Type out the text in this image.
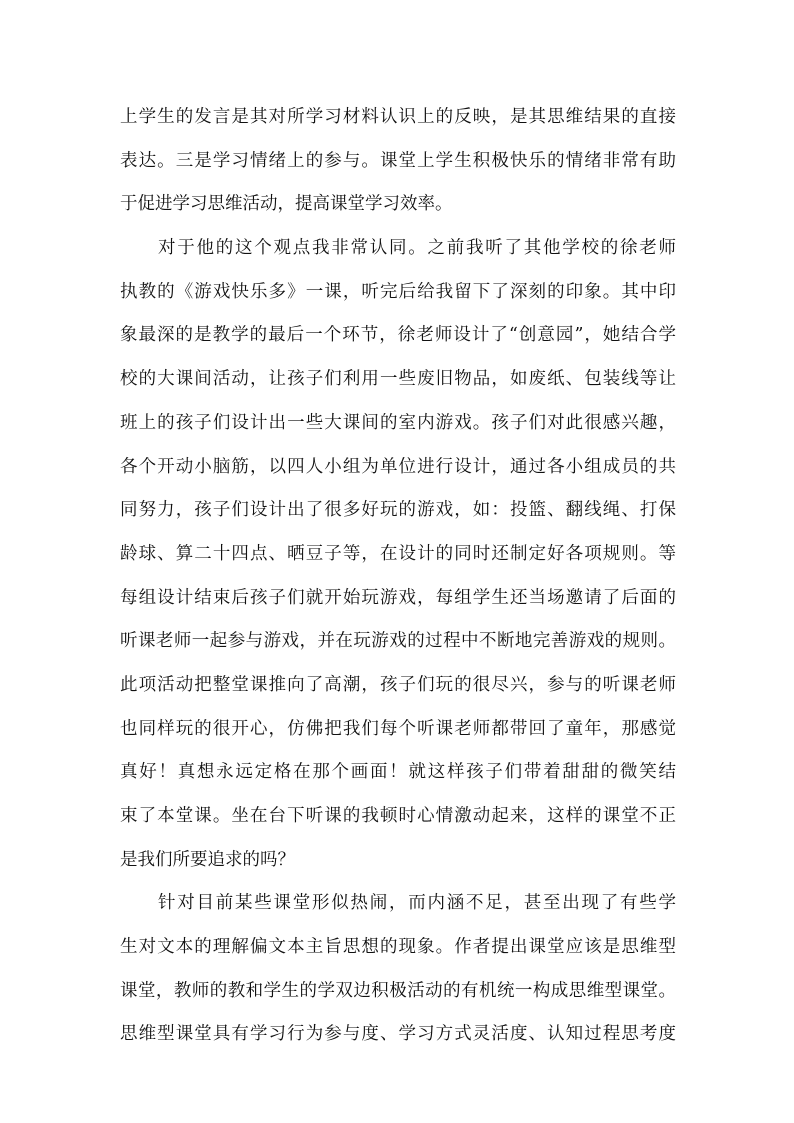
上学生的发言是其对所学习材料认识上的反映，是其思维结果的直接
表达。三是学习情绪上的参与。课堂上学生积极快乐的情绪非常有助
于促进学习思维活动，提高课堂学习效率。
对于他的这个观点我非常认同。之前我听了其他学校的徐老师
执教的《游戏快乐多》一课，听完后给我留下了深刻的印象。其中印
象最深的是教学的最后一个环节，徐老师设计了“创意园”，她结合学
校的大课间活动，让孩子们利用一些废旧物品，如废纸、包装线等让
班上的孩子们设计出一些大课间的室内游戏。孩子们对此很感兴趣，
各个开动小脑筋，以四人小组为单位进行设计，通过各小组成员的共
同努力，孩子们设计出了很多好玩的游戏，如：投篮、翻线绳、打保
龄球、算二十四点、晒豆子等，在设计的同时还制定好各项规则。等
每组设计结束后孩子们就开始玩游戏，每组学生还当场邀请了后面的
听课老师一起参与游戏，并在玩游戏的过程中不断地完善游戏的规则。
此项活动把整堂课推向了高潮，孩子们玩的很尽兴，参与的听课老师
也同样玩的很开心，仿佛把我们每个听课老师都带回了童年，那感觉
真好！真想永远定格在那个画面！就这样孩子们带着甜甜的微笑结
束了本堂课。坐在台下听课的我顿时心情激动起来，这样的课堂不正
是我们所要追求的吗？
针对目前某些课堂形似热闹，而内涵不足，甚至出现了有些学
生对文本的理解偏文本主旨思想的现象。作者提出课堂应该是思维型
课堂，教师的教和学生的学双边积极活动的有机统一构成思维型课堂。
思维型课堂具有学习行为参与度、学习方式灵活度、认知过程思考度
